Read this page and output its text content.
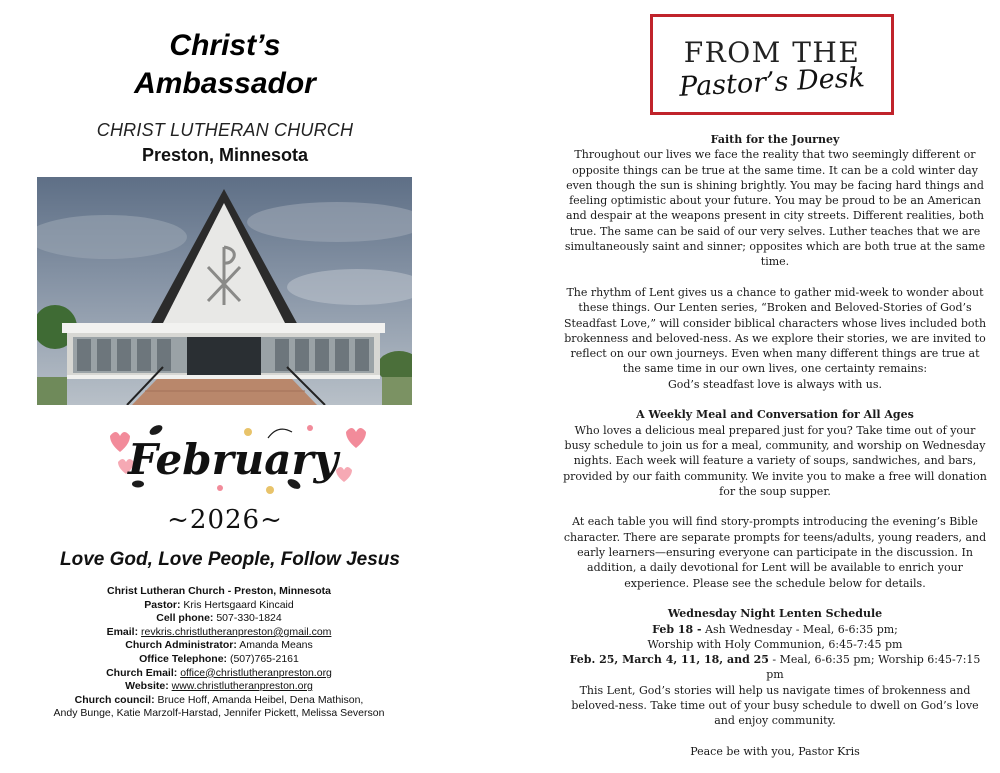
Christ’s
Ambassador
CHRIST LUTHERAN CHURCH
Preston, Minnesota
February
~2026~
Love God, Love People, Follow Jesus
Christ Lutheran Church - Preston, Minnesota
Pastor: Kris Hertsgaard Kincaid
Cell phone: 507-330-1824
Email: revkris.christlutheranpreston@gmail.com
Church Administrator: Amanda Means
Office Telephone: (507)765-2161
Church Email: office@christlutheranpreston.org
Website: www.christlutheranpreston.org
Church council: Bruce Hoff, Amanda Heibel, Dena Mathison,
Andy Bunge, Katie Marzolf-Harstad, Jennifer Pickett, Melissa Severson
FROM THE
Pastor’s Desk
Faith for the Journey

Throughout our lives we face the reality that two seemingly different or opposite things can be true at the same time. It can be a cold winter day even though the sun is shining brightly. You may be facing hard things and feeling optimistic about your future. You may be proud to be an American and despair at the weapons present in city streets. Different realities, both true. The same can be said of our very selves. Luther teaches that we are simultaneously saint and sinner; opposites which are both true at the same time.

The rhythm of Lent gives us a chance to gather mid-week to wonder about these things. Our Lenten series, “Broken and Beloved-Stories of God’s Steadfast Love,” will consider biblical characters whose lives included both brokenness and beloved-ness. As we explore their stories, we are invited to reflect on our own journeys. Even when many different things are true at the same time in our own lives, one certainty remains:

God’s steadfast love is always with us.

A Weekly Meal and Conversation for All Ages

Who loves a delicious meal prepared just for you? Take time out of your busy schedule to join us for a meal, community, and worship on Wednesday nights. Each week will feature a variety of soups, sandwiches, and bars, provided by our faith community. We invite you to make a free will donation for the soup supper.

At each table you will find story-prompts introducing the evening’s Bible character. There are separate prompts for teens/adults, young readers, and early learners—ensuring everyone can participate in the discussion. In addition, a daily devotional for Lent will be available to enrich your experience. Please see the schedule below for details.

Wednesday Night Lenten Schedule

Feb 18 - Ash Wednesday - Meal, 6-6:35 pm;

Worship with Holy Communion, 6:45-7:45 pm

Feb. 25, March 4, 11, 18, and 25 - Meal, 6-6:35 pm; Worship 6:45-7:15 pm

This Lent, God’s stories will help us navigate times of brokenness and beloved-ness. Take time out of your busy schedule to dwell on God’s love and enjoy community.

Peace be with you, Pastor Kris
